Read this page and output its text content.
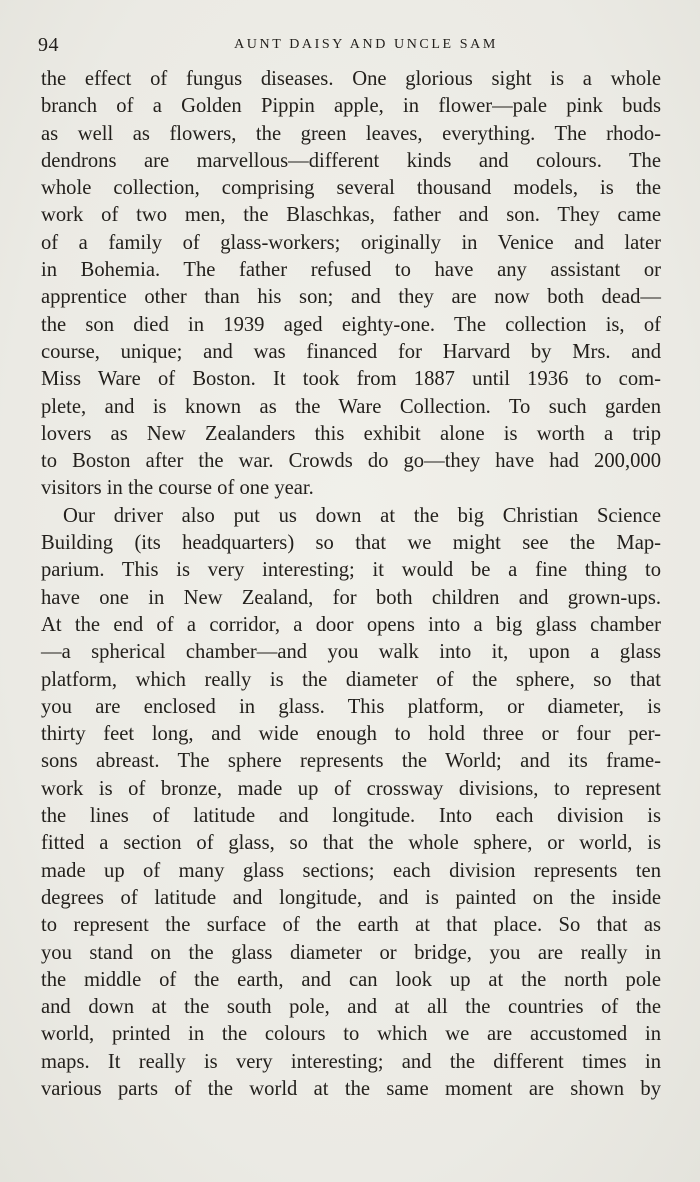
94	AUNT DAISY AND UNCLE SAM
the effect of fungus diseases. One glorious sight is a whole
branch of a Golden Pippin apple, in flower—pale pink buds
as well as flowers, the green leaves, everything. The rhodo-
dendrons are marvellous—different kinds and colours. The
whole collection, comprising several thousand models, is the
work of two men, the Blaschkas, father and son. They came
of a family of glass-workers; originally in Venice and later
in Bohemia. The father refused to have any assistant or
apprentice other than his son; and they are now both dead—
the son died in 1939 aged eighty-one. The collection is, of
course, unique; and was financed for Harvard by Mrs. and
Miss Ware of Boston. It took from 1887 until 1936 to com-
plete, and is known as the Ware Collection. To such garden
lovers as New Zealanders this exhibit alone is worth a trip
to Boston after the war. Crowds do go—they have had 200,000
visitors in the course of one year.
Our driver also put us down at the big Christian Science
Building (its headquarters) so that we might see the Map-
parium. This is very interesting; it would be a fine thing to
have one in New Zealand, for both children and grown-ups.
At the end of a corridor, a door opens into a big glass chamber
—a spherical chamber—and you walk into it, upon a glass
platform, which really is the diameter of the sphere, so that
you are enclosed in glass. This platform, or diameter, is
thirty feet long, and wide enough to hold three or four per-
sons abreast. The sphere represents the World; and its frame-
work is of bronze, made up of crossway divisions, to represent
the lines of latitude and longitude. Into each division is
fitted a section of glass, so that the whole sphere, or world, is
made up of many glass sections; each division represents ten
degrees of latitude and longitude, and is painted on the inside
to represent the surface of the earth at that place. So that as
you stand on the glass diameter or bridge, you are really in
the middle of the earth, and can look up at the north pole
and down at the south pole, and at all the countries of the
world, printed in the colours to which we are accustomed in
maps. It really is very interesting; and the different times in
various parts of the world at the same moment are shown by
